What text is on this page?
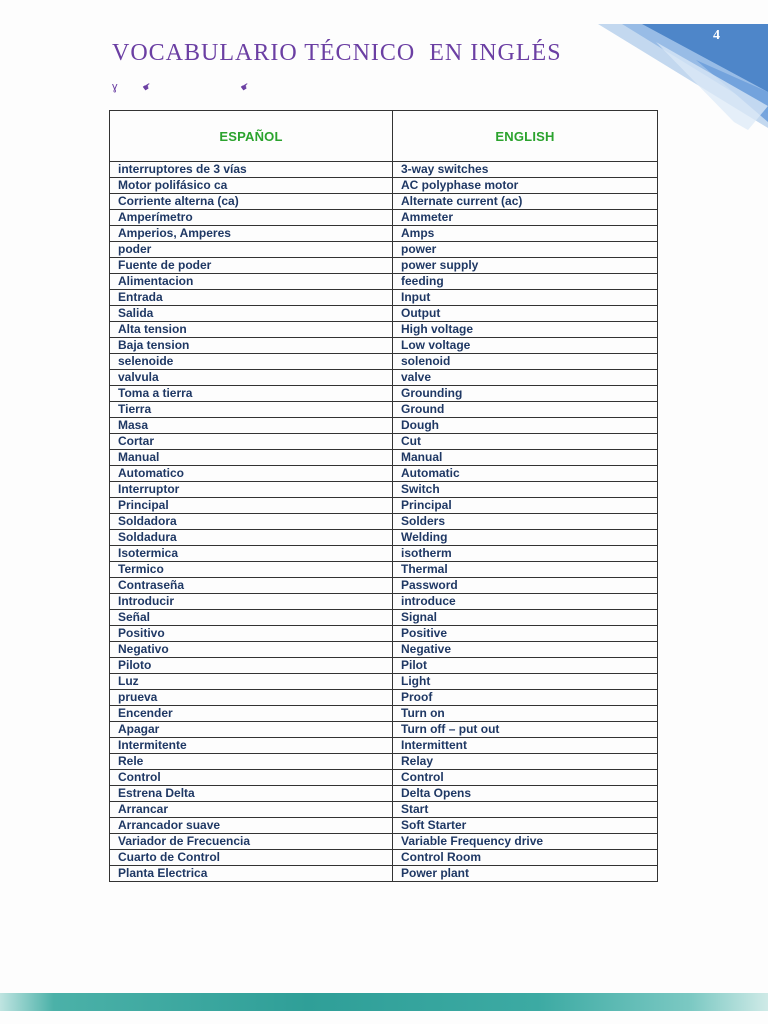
4
VOCABULARIO TÉCNICO  EN INGLÉS
ɣ ☛	☛
ESPAÑOL	ENGLISH
interruptores de 3 vías	3-way switches
Motor polifásico ca	AC polyphase motor
Corriente alterna (ca)	Alternate current (ac)
Amperímetro	Ammeter
Amperios, Amperes	Amps
poder	power
Fuente de poder	power supply
Alimentacion	feeding
Entrada	Input
Salida	Output
Alta tension	High voltage
Baja tension	Low voltage
selenoide	solenoid
valvula	valve
Toma a tierra	Grounding
Tierra	Ground
Masa	Dough
Cortar	Cut
Manual	Manual
Automatico	Automatic
Interruptor	Switch
Principal	Principal
Soldadora	Solders
Soldadura	Welding
Isotermica	isotherm
Termico	Thermal
Contraseña	Password
Introducir	introduce
Señal	Signal
Positivo	Positive
Negativo	Negative
Piloto	Pilot
Luz	Light
prueva	Proof
Encender	Turn on
Apagar	Turn off – put out
Intermitente	Intermittent
Rele	Relay
Control	Control
Estrena Delta	Delta Opens
Arrancar	Start
Arrancador suave	Soft Starter
Variador de Frecuencia	Variable Frequency drive
Cuarto de Control	Control Room
Planta Electrica	Power plant
